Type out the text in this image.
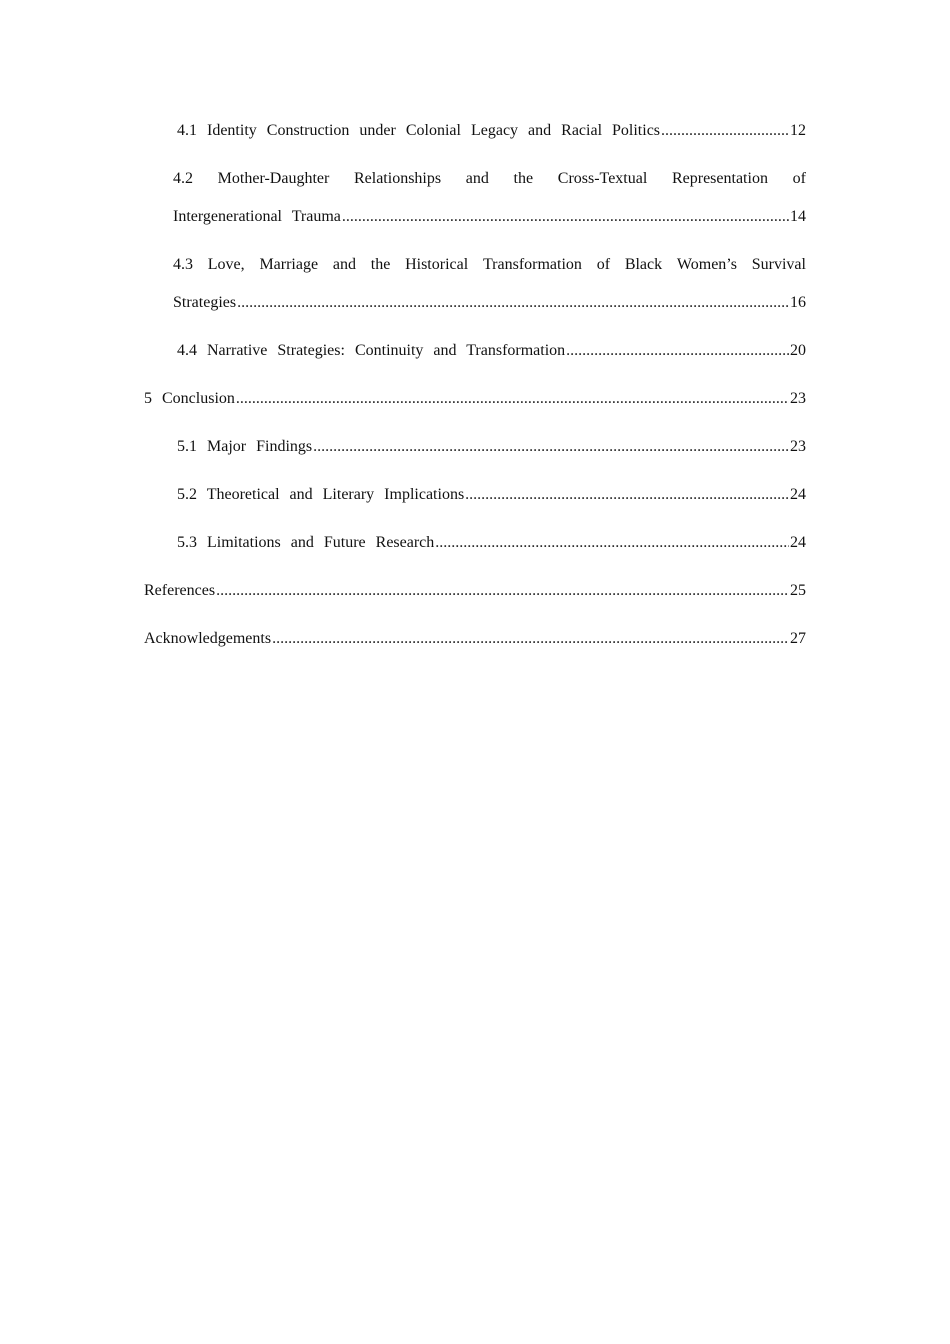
4.1 Identity Construction under Colonial Legacy and Racial Politics .....	12
4.2 Mother-Daughter Relationships and the Cross-Textual Representation of
Intergenerational Trauma .....	14
4.3 Love, Marriage and the Historical Transformation of Black Women’s Survival
Strategies .....	16
4.4 Narrative Strategies: Continuity and Transformation .....	20
5 Conclusion .....	23
5.1 Major Findings .....	23
5.2 Theoretical and Literary Implications .....	24
5.3 Limitations and Future Research .....	24
References .....	25
Acknowledgements .....	27
